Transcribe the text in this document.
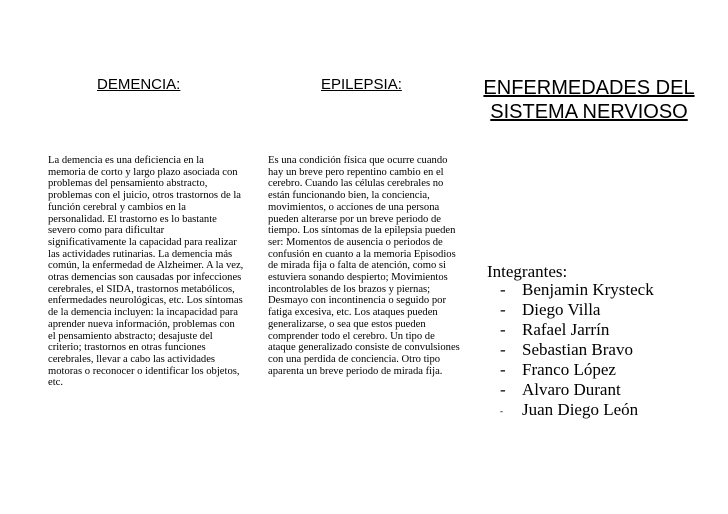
DEMENCIA:

La demencia es una deficiencia en la memoria de corto y largo plazo asociada con problemas del pensamiento abstracto, problemas con el juicio, otros trastornos de la función cerebral y cambios en la personalidad. El trastorno es lo bastante severo como para dificultar significativamente la capacidad para realizar las actividades rutinarias. La demencia más común, la enfermedad de Alzheimer. A la vez, otras demencias son causadas por infecciones cerebrales, el SIDA, trastornos metabólicos, enfermedades neurológicas, etc. Los síntomas de la demencia incluyen: la incapacidad para aprender nueva información, problemas con el pensamiento abstracto; desajuste del criterio; trastornos en otras funciones cerebrales, llevar a cabo las actividades motoras o reconocer o identificar los objetos, etc.

EPILEPSIA:

Es una condición física que ocurre cuando hay un breve pero repentino cambio en el cerebro. Cuando las células cerebrales no están funcionando bien, la conciencia, movimientos, o acciones de una persona pueden alterarse por un breve periodo de tiempo. Los síntomas de la epilepsia pueden ser: Momentos de ausencia o periodos de confusión en cuanto a la memoria Episodios de mirada fija o falta de atención, como si estuviera sonando despierto; Movimientos incontrolables de los brazos y piernas; Desmayo con incontinencia o seguido por fatiga excesiva, etc. Los ataques pueden generalizarse, o sea que estos pueden comprender todo el cerebro. Un tipo de ataque generalizado consiste de convulsiones con una perdida de conciencia. Otro tipo aparenta un breve periodo de mirada fija.

ENFERMEDADES DEL SISTEMA NERVIOSO

Integrantes:

- Benjamin Krysteck
- Diego Villa
- Rafael Jarrín
- Sebastian Bravo
- Franco López
- Alvaro Durant
- Juan Diego León
